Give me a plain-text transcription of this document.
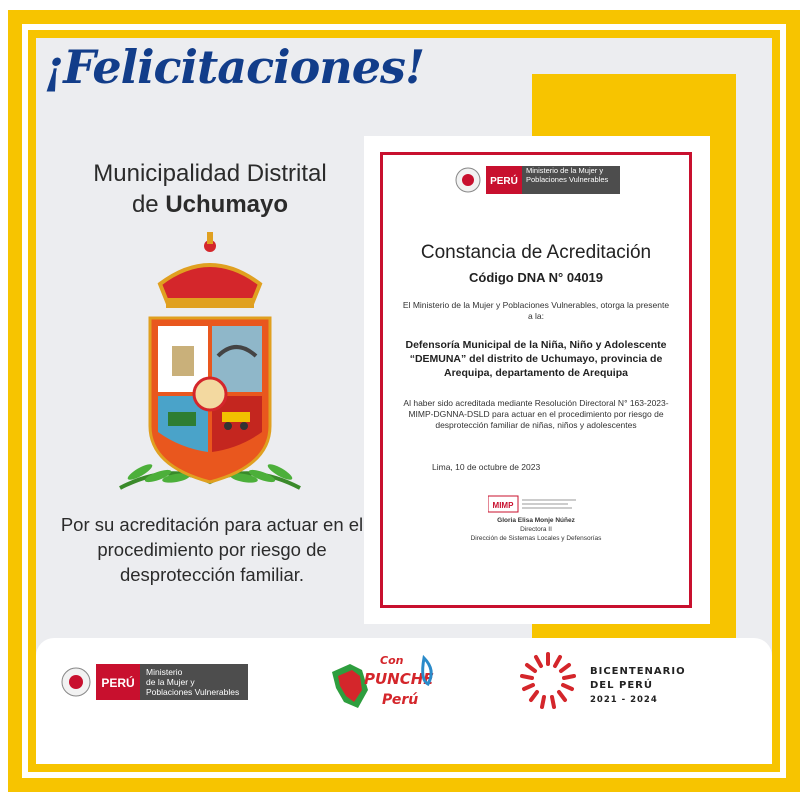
¡Felicitaciones!
Municipalidad Distrital
de Uchumayo
Por su acreditación para actuar en el procedimiento por riesgo de desprotección familiar.
PERÚ
Ministerio de la Mujer y Poblaciones Vulnerables
Constancia de Acreditación
Código DNA N° 04019
El Ministerio de la Mujer y Poblaciones Vulnerables, otorga la presente a la:
Defensoría Municipal de la Niña, Niño y Adolescente “DEMUNA” del distrito de Uchumayo, provincia de Arequipa, departamento de Arequipa
Al haber sido acreditada mediante Resolución Directoral N° 163-2023-MIMP-DGNNA-DSLD para actuar en el procedimiento por riesgo de desprotección familiar de niñas, niños y adolescentes
Lima, 10 de octubre de 2023
MIMP
Gloria Elisa Monje Núñez
Directora II
Dirección de Sistemas Locales y Defensorías
PERÚ
Ministerio
de la Mujer y
Poblaciones Vulnerables
Con
PUNCHE
Perú
BICENTENARIO
DEL PERÚ
2021 - 2024
